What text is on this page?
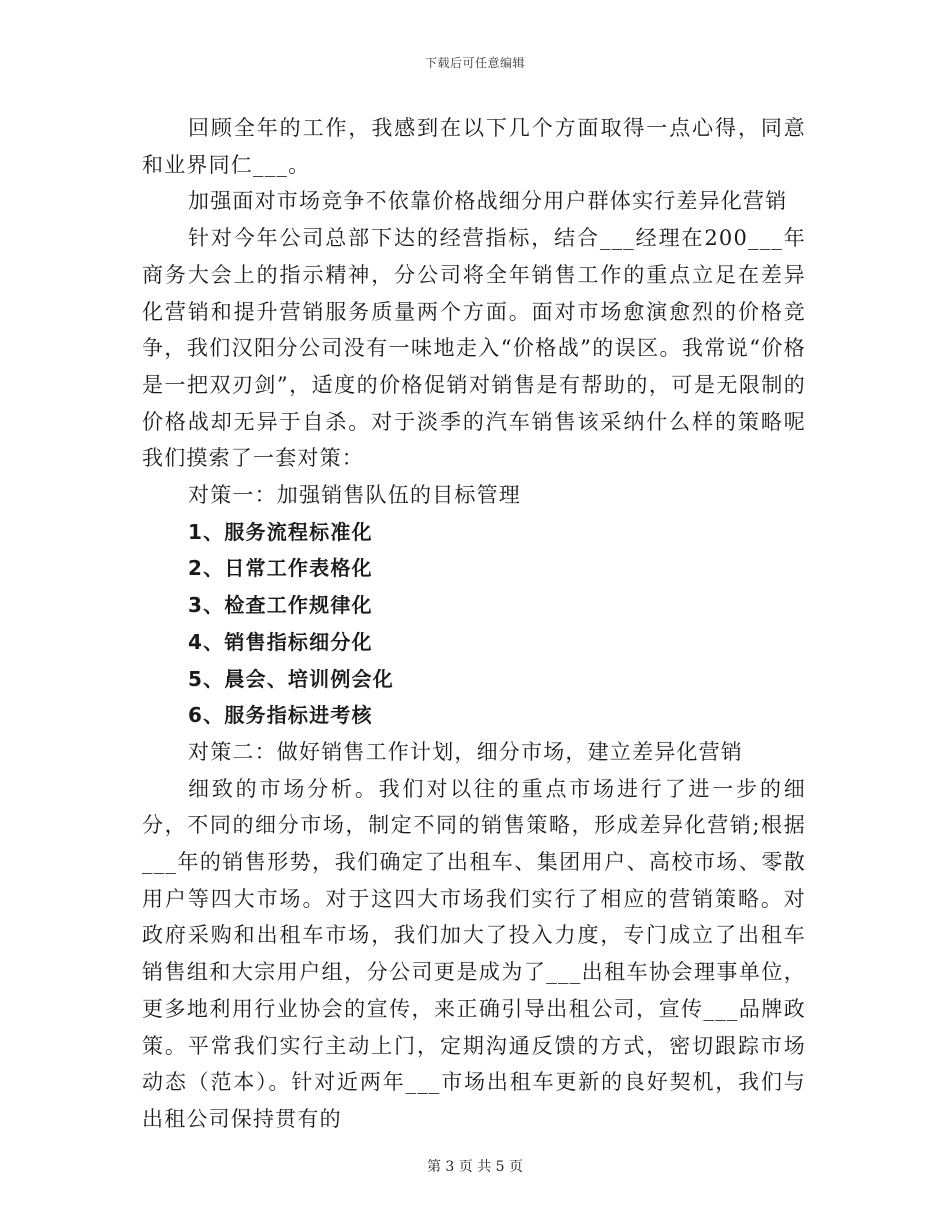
下载后可任意编辑

回顾全年的工作，我感到在以下几个方面取得一点心得，同意和业界同仁___。

加强面对市场竞争不依靠价格战细分用户群体实行差异化营销

针对今年公司总部下达的经营指标，结合___经理在200___年商务大会上的指示精神，分公司将全年销售工作的重点立足在差异化营销和提升营销服务质量两个方面。面对市场愈演愈烈的价格竞争，我们汉阳分公司没有一味地走入“价格战”的误区。我常说“价格是一把双刃剑”，适度的价格促销对销售是有帮助的，可是无限制的价格战却无异于自杀。对于淡季的汽车销售该采纳什么样的策略呢我们摸索了一套对策：

对策一：加强销售队伍的目标管理

1、服务流程标准化

2、日常工作表格化

3、检查工作规律化

4、销售指标细分化

5、晨会、培训例会化

6、服务指标进考核

对策二：做好销售工作计划，细分市场，建立差异化营销

细致的市场分析。我们对以往的重点市场进行了进一步的细分，不同的细分市场，制定不同的销售策略，形成差异化营销;根据___年的销售形势，我们确定了出租车、集团用户、高校市场、零散用户等四大市场。对于这四大市场我们实行了相应的营销策略。对政府采购和出租车市场，我们加大了投入力度，专门成立了出租车销售组和大宗用户组，分公司更是成为了___出租车协会理事单位，更多地利用行业协会的宣传，来正确引导出租公司，宣传___品牌政策。平常我们实行主动上门，定期沟通反馈的方式，密切跟踪市场动态（范本）。针对近两年___市场出租车更新的良好契机，我们与出租公司保持贯有的

第 3 页 共 5 页
